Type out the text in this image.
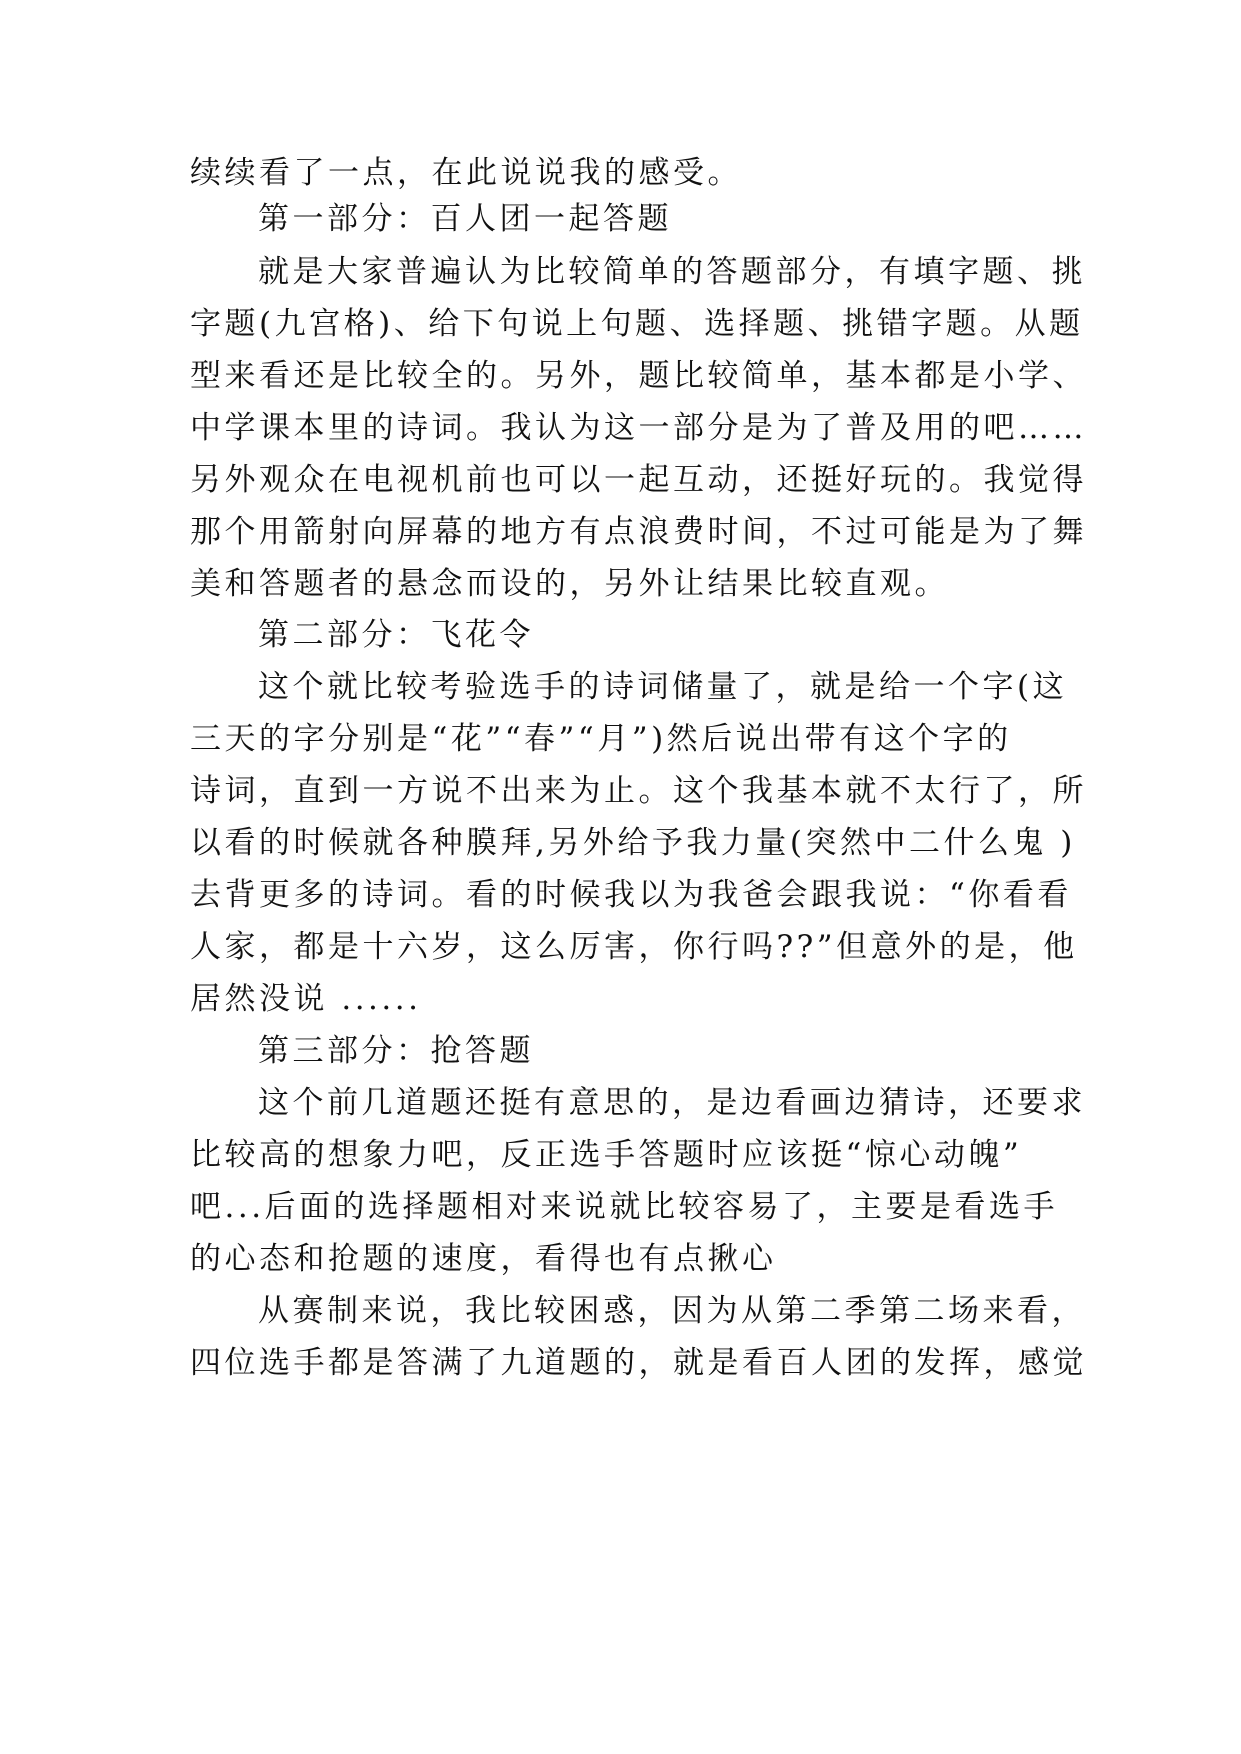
续续看了一点，在此说说我的感受。
第一部分：百人团一起答题
就是大家普遍认为比较简单的答题部分，有填字题、挑
字题(九宫格)、给下句说上句题、选择题、挑错字题。从题
型来看还是比较全的。另外，题比较简单，基本都是小学、
中学课本里的诗词。我认为这一部分是为了普及用的吧……
另外观众在电视机前也可以一起互动，还挺好玩的。我觉得
那个用箭射向屏幕的地方有点浪费时间，不过可能是为了舞
美和答题者的悬念而设的，另外让结果比较直观。
第二部分：飞花令
这个就比较考验选手的诗词储量了，就是给一个字(这
三天的字分别是“花”“春”“月”)然后说出带有这个字的
诗词，直到一方说不出来为止。这个我基本就不太行了，所
以看的时候就各种膜拜,另外给予我力量(突然中二什么鬼 )
去背更多的诗词。看的时候我以为我爸会跟我说：“你看看
人家，都是十六岁，这么厉害，你行吗??”但意外的是，他
居然没说 ......
第三部分：抢答题
这个前几道题还挺有意思的，是边看画边猜诗，还要求
比较高的想象力吧，反正选手答题时应该挺“惊心动魄”
吧...后面的选择题相对来说就比较容易了，主要是看选手
的心态和抢题的速度，看得也有点揪心
从赛制来说，我比较困惑，因为从第二季第二场来看，
四位选手都是答满了九道题的，就是看百人团的发挥，感觉
